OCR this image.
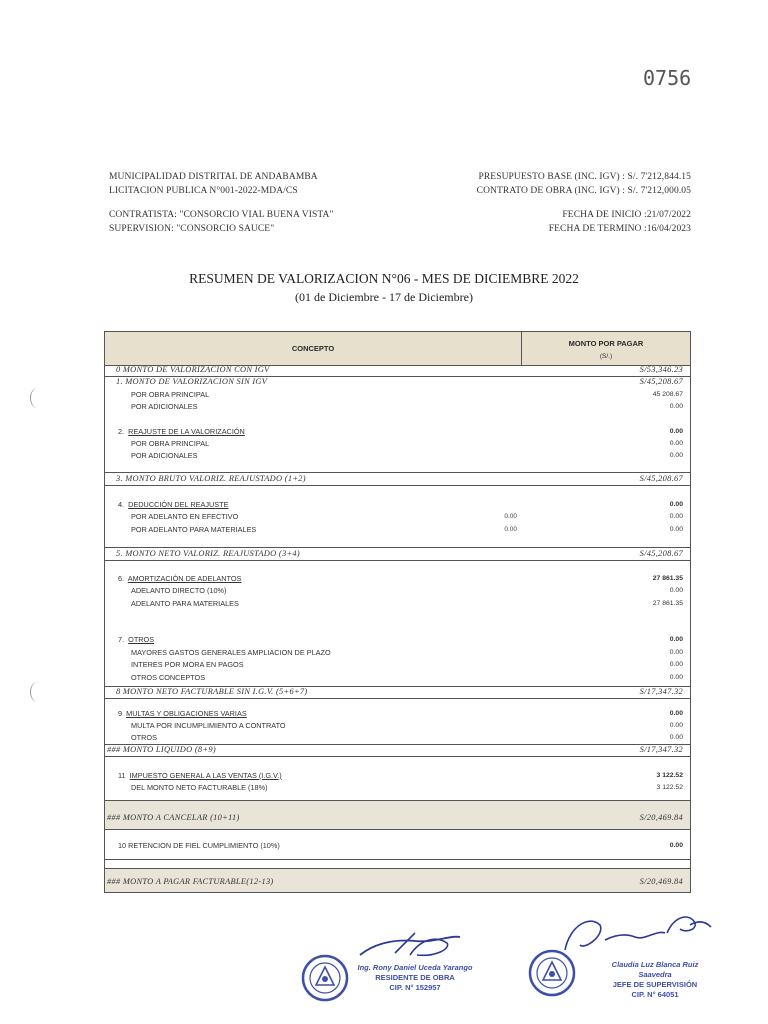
0756
MUNICIPALIDAD DISTRITAL DE ANDABAMBA
LICITACION PUBLICA N°001-2022-MDA/CS
CONTRATISTA: "CONSORCIO VIAL BUENA VISTA"
SUPERVISION: "CONSORCIO SAUCE"
PRESUPUESTO BASE (INC. IGV) : S/. 7'212,844.15
CONTRATO DE OBRA (INC. IGV) : S/. 7'212,000.05
FECHA DE INICIO :21/07/2022
FECHA DE TERMINO :16/04/2023
RESUMEN DE VALORIZACION N°06 - MES DE DICIEMBRE 2022
(01 de Diciembre - 17 de Diciembre)
CONCEPTO
MONTO POR PAGAR
(S/.)
0 MONTO DE VALORIZACION CON IGV	S/53,346.23
1. MONTO DE VALORIZACION SIN IGV	S/45,208.67
POR OBRA PRINCIPAL	45 208.67
POR ADICIONALES	0.00
2. REAJUSTE DE LA VALORIZACIÓN	0.00
POR OBRA PRINCIPAL	0.00
POR ADICIONALES	0.00
3. MONTO BRUTO VALORIZ. REAJUSTADO (1+2)	S/45,208.67
4. DEDUCCIÓN DEL REAJUSTE	0.00
POR ADELANTO EN EFECTIVO	0.00	0.00
POR ADELANTO PARA MATERIALES	0.00	0.00
5. MONTO NETO VALORIZ. REAJUSTADO (3+4)	S/45,208.67
6. AMORTIZACIÓN DE ADELANTOS	27 861.35
ADELANTO DIRECTO (10%)	0.00
ADELANTO PARA MATERIALES	27 861.35
7. OTROS	0.00
MAYORES GASTOS GENERALES AMPLIACION DE PLAZO	0.00
INTERES POR MORA EN PAGOS	0.00
OTROS CONCEPTOS	0.00
8 MONTO NETO FACTURABLE SIN I.G.V. (5+6+7)	S/17,347.32
9 MULTAS Y OBLIGACIONES VARIAS	0.00
MULTA POR INCUMPLIMIENTO A CONTRATO	0.00
OTROS	0.00
### MONTO LIQUIDO (8+9)	S/17,347.32
11 IMPUESTO GENERAL A LAS VENTAS (I.G.V.)	3 122.52
DEL MONTO NETO FACTURABLE (18%)	3 122.52
### MONTO A CANCELAR (10+11)	S/20,469.84
10 RETENCION DE FIEL CUMPLIMIENTO (10%)	0.00
### MONTO A PAGAR FACTURABLE(12-13)	S/20,469.84
Ing. Rony Daniel Uceda Yarango
RESIDENTE DE OBRA
CIP. N° 152957
Claudia Luz Blanca Ruiz Saavedra
JEFE DE SUPERVISIÓN
CIP. N° 64051
